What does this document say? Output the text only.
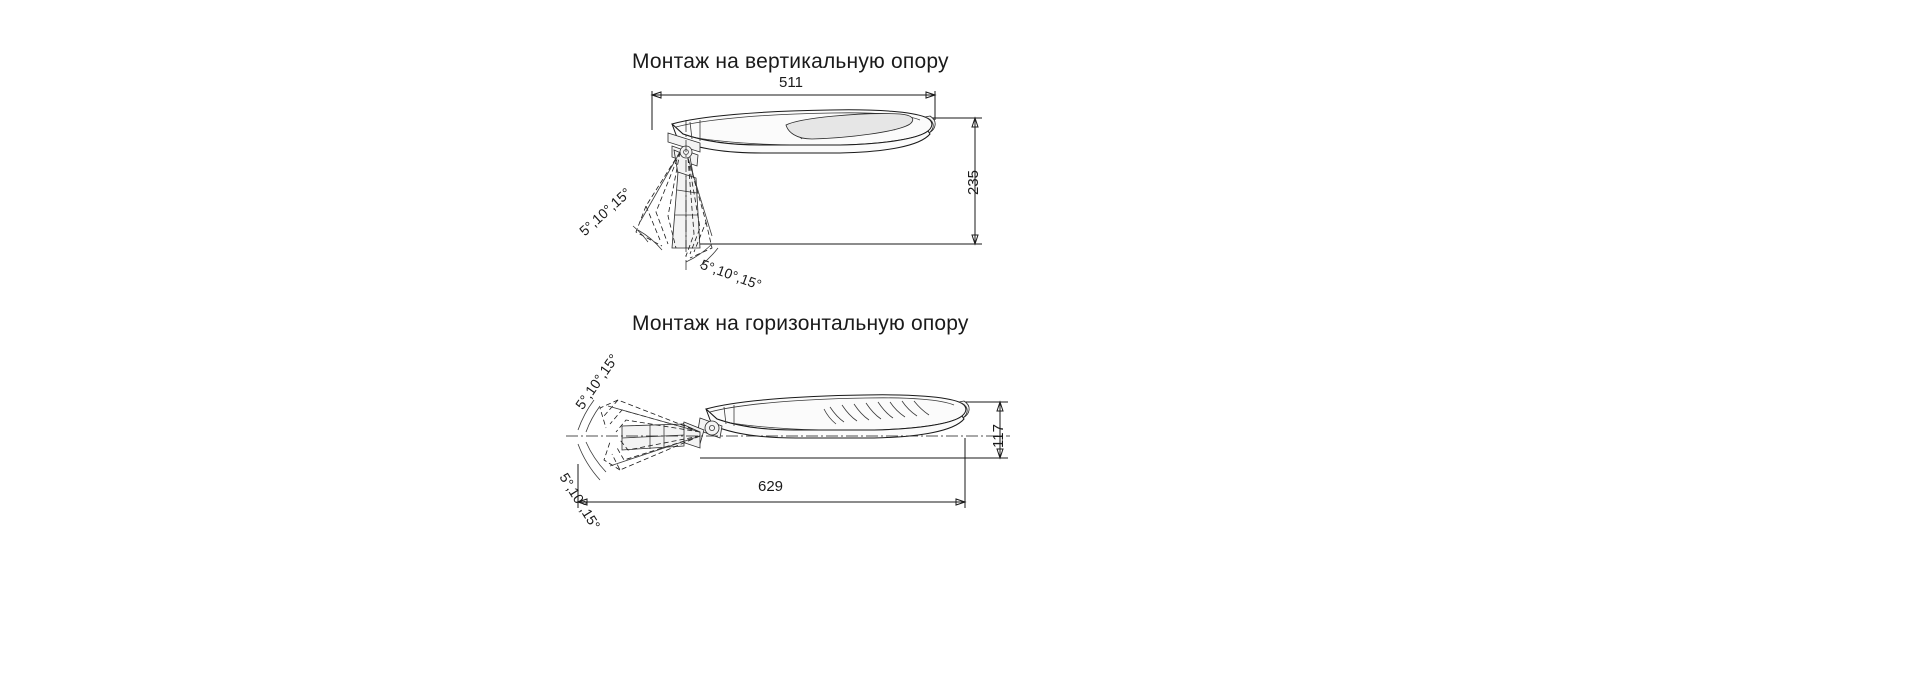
Монтаж на вертикальную опору
511
235
5°,10°,15°
5°,10°,15°
Монтаж на горизонтальную опору
629
117
5°,10°,15°
5°,10°,15°
